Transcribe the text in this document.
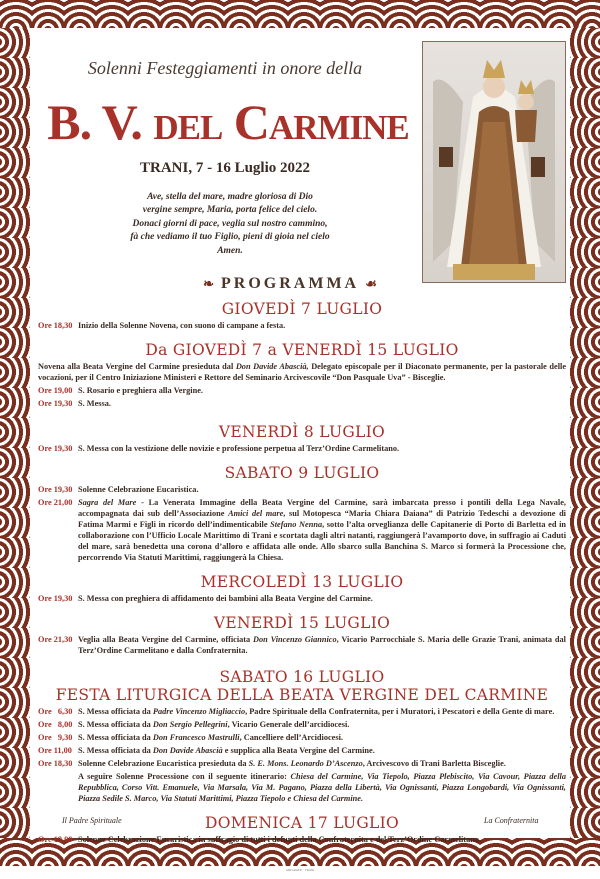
Solenni Festeggiamenti in onore della
B. V. del Carmine
TRANI, 7 - 16 Luglio 2022
Ave, stella del mare, madre gloriosa di Dio
vergine sempre, Maria, porta felice del cielo.
Donaci giorni di pace, veglia sul nostro cammino,
fà che vediamo il tuo Figlio, pieni di gioia nel cielo
Amen.
❧ PROGRAMMA ☙
GIOVEDÌ 7 LUGLIO
Ore 18,30 Inizio della Solenne Novena, con suono di campane a festa.
Da GIOVEDÌ 7 a VENERDÌ 15 LUGLIO
Novena alla Beata Vergine del Carmine presieduta dal Don Davide Abascià, Delegato episcopale per il Diaconato permanente, per la pastorale delle vocazioni, per il Centro Iniziazione Ministeri e Rettore del Seminario Arcivescovile “Don Pasquale Uva” - Bisceglie.
Ore 19,00 S. Rosario e preghiera alla Vergine.
Ore 19,30 S. Messa.
VENERDÌ 8 LUGLIO
Ore 19,30 S. Messa con la vestizione delle novizie e professione perpetua al Terz’Ordine Carmelitano.
SABATO 9 LUGLIO
Ore 19,30 Solenne Celebrazione Eucaristica.
Ore 21,00 Sagra del Mare - La Venerata Immagine della Beata Vergine del Carmine, sarà imbarcata presso i pontili della Lega Navale, accompagnata dai sub dell’Associazione Amici del mare, sul Motopesca “Maria Chiara Daiana” di Patrizio Tedeschi a devozione di Fatima Marmi e Figli in ricordo dell’indimenticabile Stefano Nenna, sotto l’alta orveglianza delle Capitanerie di Porto di Barletta ed in collaborazione con l’Ufficio Locale Marittimo di Trani e scortata dagli altri natanti, raggiungerà l’avamporto dove, in suffragio ai Caduti del mare, sarà benedetta una corona d’alloro e affidata alle onde. Allo sbarco sulla Banchina S. Marco si formerà la Processione che, percorrendo Via Statuti Marittimi, raggiungerà la Chiesa.
MERCOLEDÌ 13 LUGLIO
Ore 19,30 S. Messa con preghiera di affidamento dei bambini alla Beata Vergine del Carmine.
VENERDÌ 15 LUGLIO
Ore 21,30 Veglia alla Beata Vergine del Carmine, officiata Don Vincenzo Giannico, Vicario Parrocchiale S. Maria delle Grazie Trani, animata dal Terz’Ordine Carmelitano e dalla Confraternita.
SABATO 16 LUGLIO
FESTA LITURGICA DELLA BEATA VERGINE DEL CARMINE
Ore   6,30 S. Messa officiata da Padre Vincenzo Migliaccio, Padre Spirituale della Confraternita, per i Muratori, i Pescatori e della Gente di mare.
Ore   8,00 S. Messa officiata da Don Sergio Pellegrini, Vicario Generale dell’arcidiocesi.
Ore   9,30 S. Messa officiata da Don Francesco Mastrulli, Cancelliere dell’Arcidiocesi.
Ore 11,00 S. Messa officiata da Don Davide Abascià e supplica alla Beata Vergine del Carmine.
Ore 18,30 Solenne Celebrazione Eucaristica presieduta da S. E. Mons. Leonardo D’Ascenzo, Arcivescovo di Trani Barletta Bisceglie.
A seguire Solenne Processione con il seguente itinerario: Chiesa del Carmine, Via Tiepolo, Piazza Plebiscito, Via Cavour, Piazza della Repubblica, Corso Vitt. Emanuele, Via Marsala, Via M. Pagano, Piazza della Libertà, Via Ognissanti, Piazza Longobardi, Via Ognissanti, Piazza Sedile S. Marco, Via Statuti Marittimi, Piazza Tiepolo e Chiesa del Carmine.
DOMENICA 17 LUGLIO
Ore 19,00 Solenne Celebrazione Eucaristica in suffragio di tutti i defunti della Confraternita e del Terz’Ordine Carmelitano.
Il Padre Spirituale	La Confraternita
ARTGRAFIC · TRANI
